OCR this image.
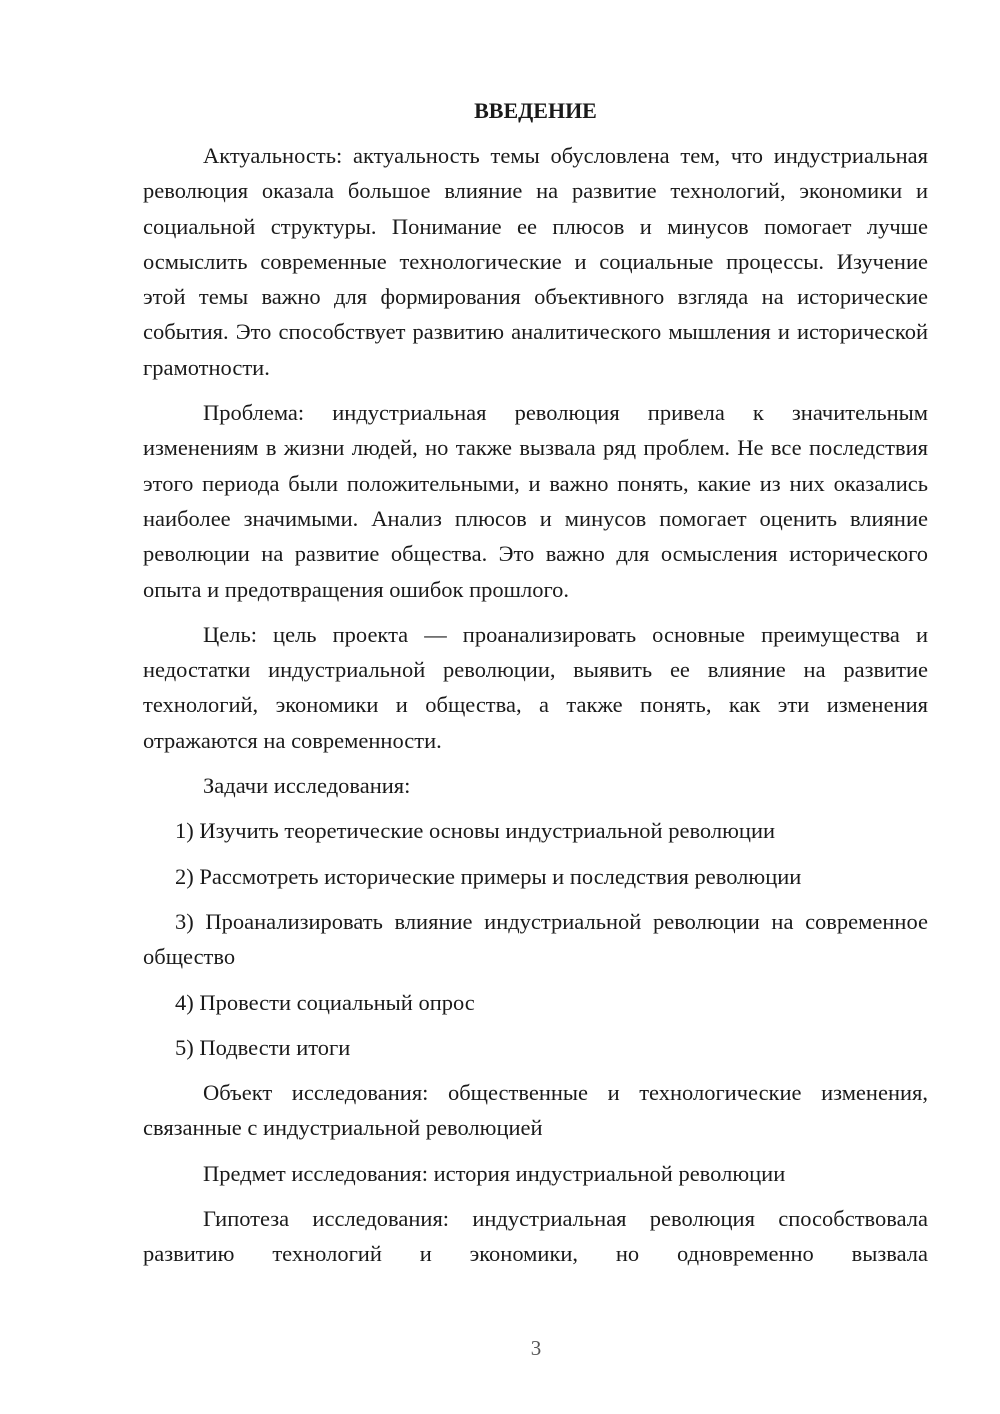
ВВЕДЕНИЕ

Актуальность: актуальность темы обусловлена тем, что индустриальная революция оказала большое влияние на развитие технологий, экономики и социальной структуры. Понимание ее плюсов и минусов помогает лучше осмыслить современные технологические и социальные процессы. Изучение этой темы важно для формирования объективного взгляда на исторические события. Это способствует развитию аналитического мышления и исторической грамотности.

Проблема: индустриальная революция привела к значительным изменениям в жизни людей, но также вызвала ряд проблем. Не все последствия этого периода были положительными, и важно понять, какие из них оказались наиболее значимыми. Анализ плюсов и минусов помогает оценить влияние революции на развитие общества. Это важно для осмысления исторического опыта и предотвращения ошибок прошлого.

Цель: цель проекта — проанализировать основные преимущества и недостатки индустриальной революции, выявить ее влияние на развитие технологий, экономики и общества, а также понять, как эти изменения отражаются на современности.

Задачи исследования:

1) Изучить теоретические основы индустриальной революции

2) Рассмотреть исторические примеры и последствия революции

3) Проанализировать влияние индустриальной революции на современное общество

4) Провести социальный опрос

5) Подвести итоги

Объект исследования: общественные и технологические изменения, связанные с индустриальной революцией

Предмет исследования: история индустриальной революции

Гипотеза исследования: индустриальная революция способствовала развитию технологий и экономики, но одновременно вызвала

3
